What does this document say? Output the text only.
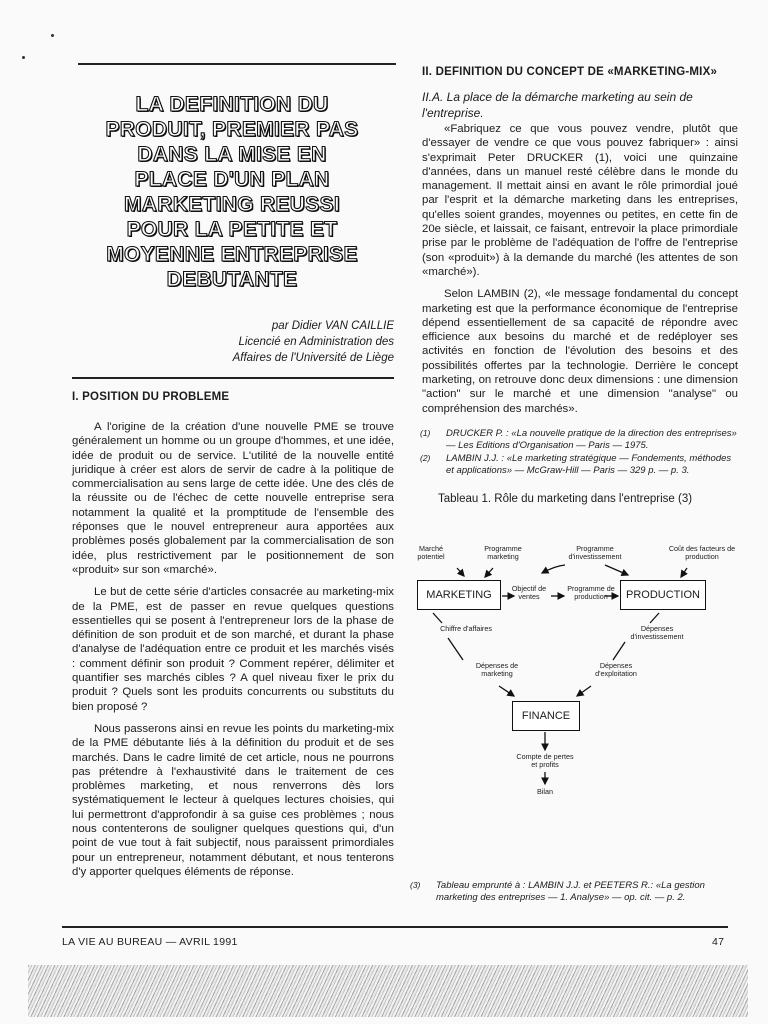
LA DEFINITION DU
PRODUIT, PREMIER PAS
DANS LA MISE EN
PLACE D'UN PLAN
MARKETING REUSSI
POUR LA PETITE ET
MOYENNE ENTREPRISE
DEBUTANTE
par Didier VAN CAILLIE
Licencié en Administration des
Affaires de l'Université de Liège
I. POSITION DU PROBLEME

A l'origine de la création d'une nouvelle PME se trouve généralement un homme ou un groupe d'hommes, et une idée, idée de produit ou de service. L'utilité de la nouvelle entité juridique à créer est alors de servir de cadre à la politique de commercialisation au sens large de cette idée. Une des clés de la réussite ou de l'échec de cette nouvelle entreprise sera notamment la qualité et la promptitude de l'ensemble des réponses que le nouvel entrepreneur aura apportées aux problèmes posés globalement par la commercialisation de son idée, plus restrictivement par le positionnement de son «produit» sur son «marché».

Le but de cette série d'articles consacrée au marketing-mix de la PME, est de passer en revue quelques questions essentielles qui se posent à l'entrepreneur lors de la phase de définition de son produit et de son marché, et durant la phase d'analyse de l'adéquation entre ce produit et les marchés visés : comment définir son produit ? Comment repérer, délimiter et quantifier ses marchés cibles ? A quel niveau fixer le prix du produit ? Quels sont les produits concurrents ou substituts du bien proposé ?

Nous passerons ainsi en revue les points du marketing-mix de la PME débutante liés à la définition du produit et de ses marchés. Dans le cadre limité de cet article, nous ne pourrons pas prétendre à l'exhaustivité dans le traitement de ces problèmes marketing, et nous renverrons dès lors systématiquement le lecteur à quelques lectures choisies, qui lui permettront d'approfondir à sa guise ces problèmes ; nous nous contenterons de souligner quelques questions qui, d'un point de vue tout à fait subjectif, nous paraissent primordiales pour un entrepreneur, notamment débutant, et nous tenterons d'y apporter quelques éléments de réponse.

II. DEFINITION DU CONCEPT DE «MARKETING-MIX»
II.A. La place de la démarche marketing au sein de l'entreprise.

«Fabriquez ce que vous pouvez vendre, plutôt que d'essayer de vendre ce que vous pouvez fabriquer» : ainsi s'exprimait Peter DRUCKER (1), voici une quinzaine d'années, dans un manuel resté célèbre dans le monde du management. Il mettait ainsi en avant le rôle primordial joué par l'esprit et la démarche marketing dans les entreprises, qu'elles soient grandes, moyennes ou petites, en cette fin de 20e siècle, et laissait, ce faisant, entrevoir la place primordiale prise par le problème de l'adéquation de l'offre de l'entreprise (son «produit») à la demande du marché (les attentes de son «marché»).

Selon LAMBIN (2), «le message fondamental du concept marketing est que la performance économique de l'entreprise dépend essentiellement de sa capacité de répondre avec efficience aux besoins du marché et de redéployer ses activités en fonction de l'évolution des besoins et des possibilités offertes par la technologie. Derrière le concept marketing, on retrouve donc deux dimensions : une dimension "action" sur le marché et une dimension "analyse" ou compréhension des marchés».

(1)	DRUCKER P. : «La nouvelle pratique de la direction des entreprises» — Les Editions d'Organisation — Paris — 1975.
(2)	LAMBIN J.J. : «Le marketing stratégique — Fondements, méthodes et applications» — McGraw-Hill — Paris — 329 p. — p. 3.
Tableau 1. Rôle du marketing dans l'entreprise (3)
Marché potentiel
Programme marketing
Programme d'investissement
Coût des facteurs de production
MARKETING	PRODUCTION
Objectif de ventes
Programme de production
Chiffre d'affaires	Dépenses d'investissement
Dépenses de marketing
Dépenses d'exploitation
FINANCE
Compte de pertes et profits
Bilan
(3)	Tableau emprunté à : LAMBIN J.J. et PEETERS R.: «La gestion marketing des entreprises — 1. Analyse» — op. cit. — p. 2.
LA VIE AU BUREAU — AVRIL 1991	47
